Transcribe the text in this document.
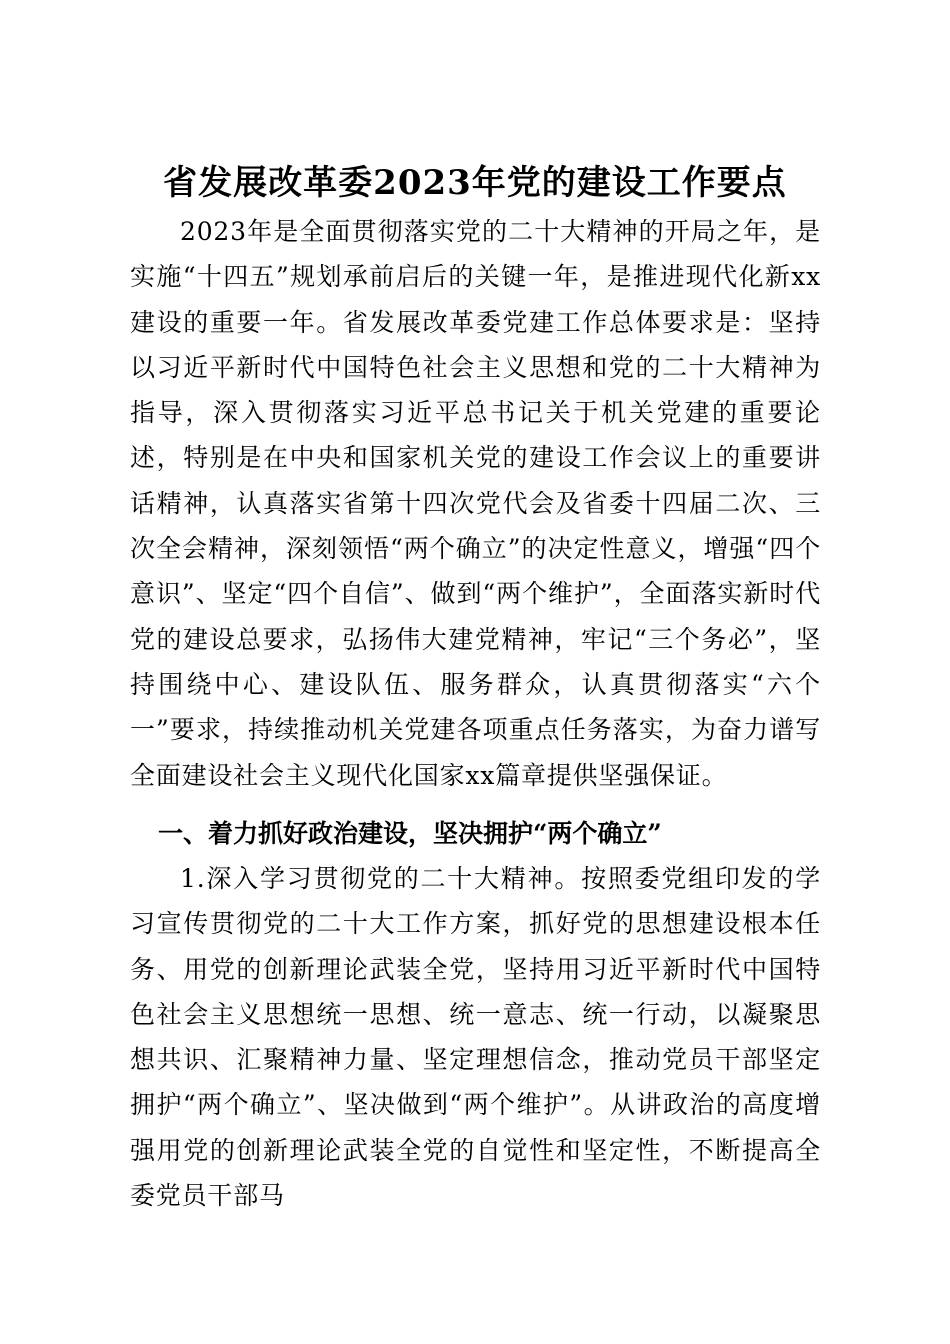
省发展改革委2023年党的建设工作要点

2023年是全面贯彻落实党的二十大精神的开局之年，是实施“十四五”规划承前启后的关键一年，是推进现代化新xx建设的重要一年。省发展改革委党建工作总体要求是：坚持以习近平新时代中国特色社会主义思想和党的二十大精神为指导，深入贯彻落实习近平总书记关于机关党建的重要论述，特别是在中央和国家机关党的建设工作会议上的重要讲话精神，认真落实省第十四次党代会及省委十四届二次、三次全会精神，深刻领悟“两个确立”的决定性意义，增强“四个意识”、坚定“四个自信”、做到“两个维护”，全面落实新时代党的建设总要求，弘扬伟大建党精神，牢记“三个务必”，坚持围绕中心、建设队伍、服务群众，认真贯彻落实“六个一”要求，持续推动机关党建各项重点任务落实，为奋力谱写全面建设社会主义现代化国家xx篇章提供坚强保证。

一、着力抓好政治建设，坚决拥护“两个确立”

1.深入学习贯彻党的二十大精神。按照委党组印发的学习宣传贯彻党的二十大工作方案，抓好党的思想建设根本任务、用党的创新理论武装全党，坚持用习近平新时代中国特色社会主义思想统一思想、统一意志、统一行动，以凝聚思想共识、汇聚精神力量、坚定理想信念，推动党员干部坚定拥护“两个确立”、坚决做到“两个维护”。从讲政治的高度增强用党的创新理论武装全党的自觉性和坚定性，不断提高全委党员干部马
